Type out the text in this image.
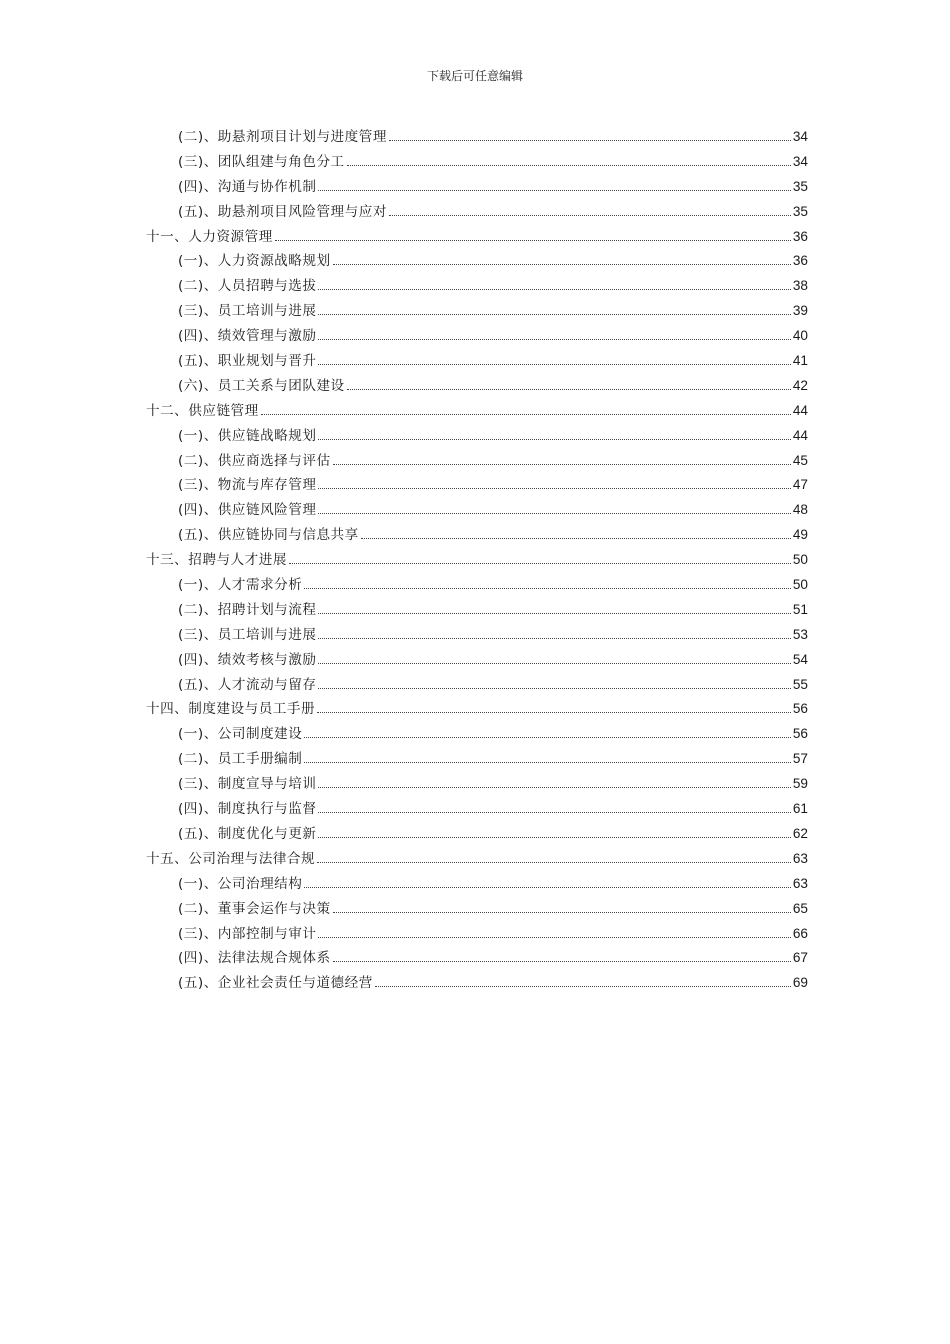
下载后可任意编辑
(二)、助悬剂项目计划与进度管理	34
(三)、团队组建与角色分工	34
(四)、沟通与协作机制	35
(五)、助悬剂项目风险管理与应对	35
十一、人力资源管理	36
(一)、人力资源战略规划	36
(二)、人员招聘与选拔	38
(三)、员工培训与进展	39
(四)、绩效管理与激励	40
(五)、职业规划与晋升	41
(六)、员工关系与团队建设	42
十二、供应链管理	44
(一)、供应链战略规划	44
(二)、供应商选择与评估	45
(三)、物流与库存管理	47
(四)、供应链风险管理	48
(五)、供应链协同与信息共享	49
十三、招聘与人才进展	50
(一)、人才需求分析	50
(二)、招聘计划与流程	51
(三)、员工培训与进展	53
(四)、绩效考核与激励	54
(五)、人才流动与留存	55
十四、制度建设与员工手册	56
(一)、公司制度建设	56
(二)、员工手册编制	57
(三)、制度宣导与培训	59
(四)、制度执行与监督	61
(五)、制度优化与更新	62
十五、公司治理与法律合规	63
(一)、公司治理结构	63
(二)、董事会运作与决策	65
(三)、内部控制与审计	66
(四)、法律法规合规体系	67
(五)、企业社会责任与道德经营	69
